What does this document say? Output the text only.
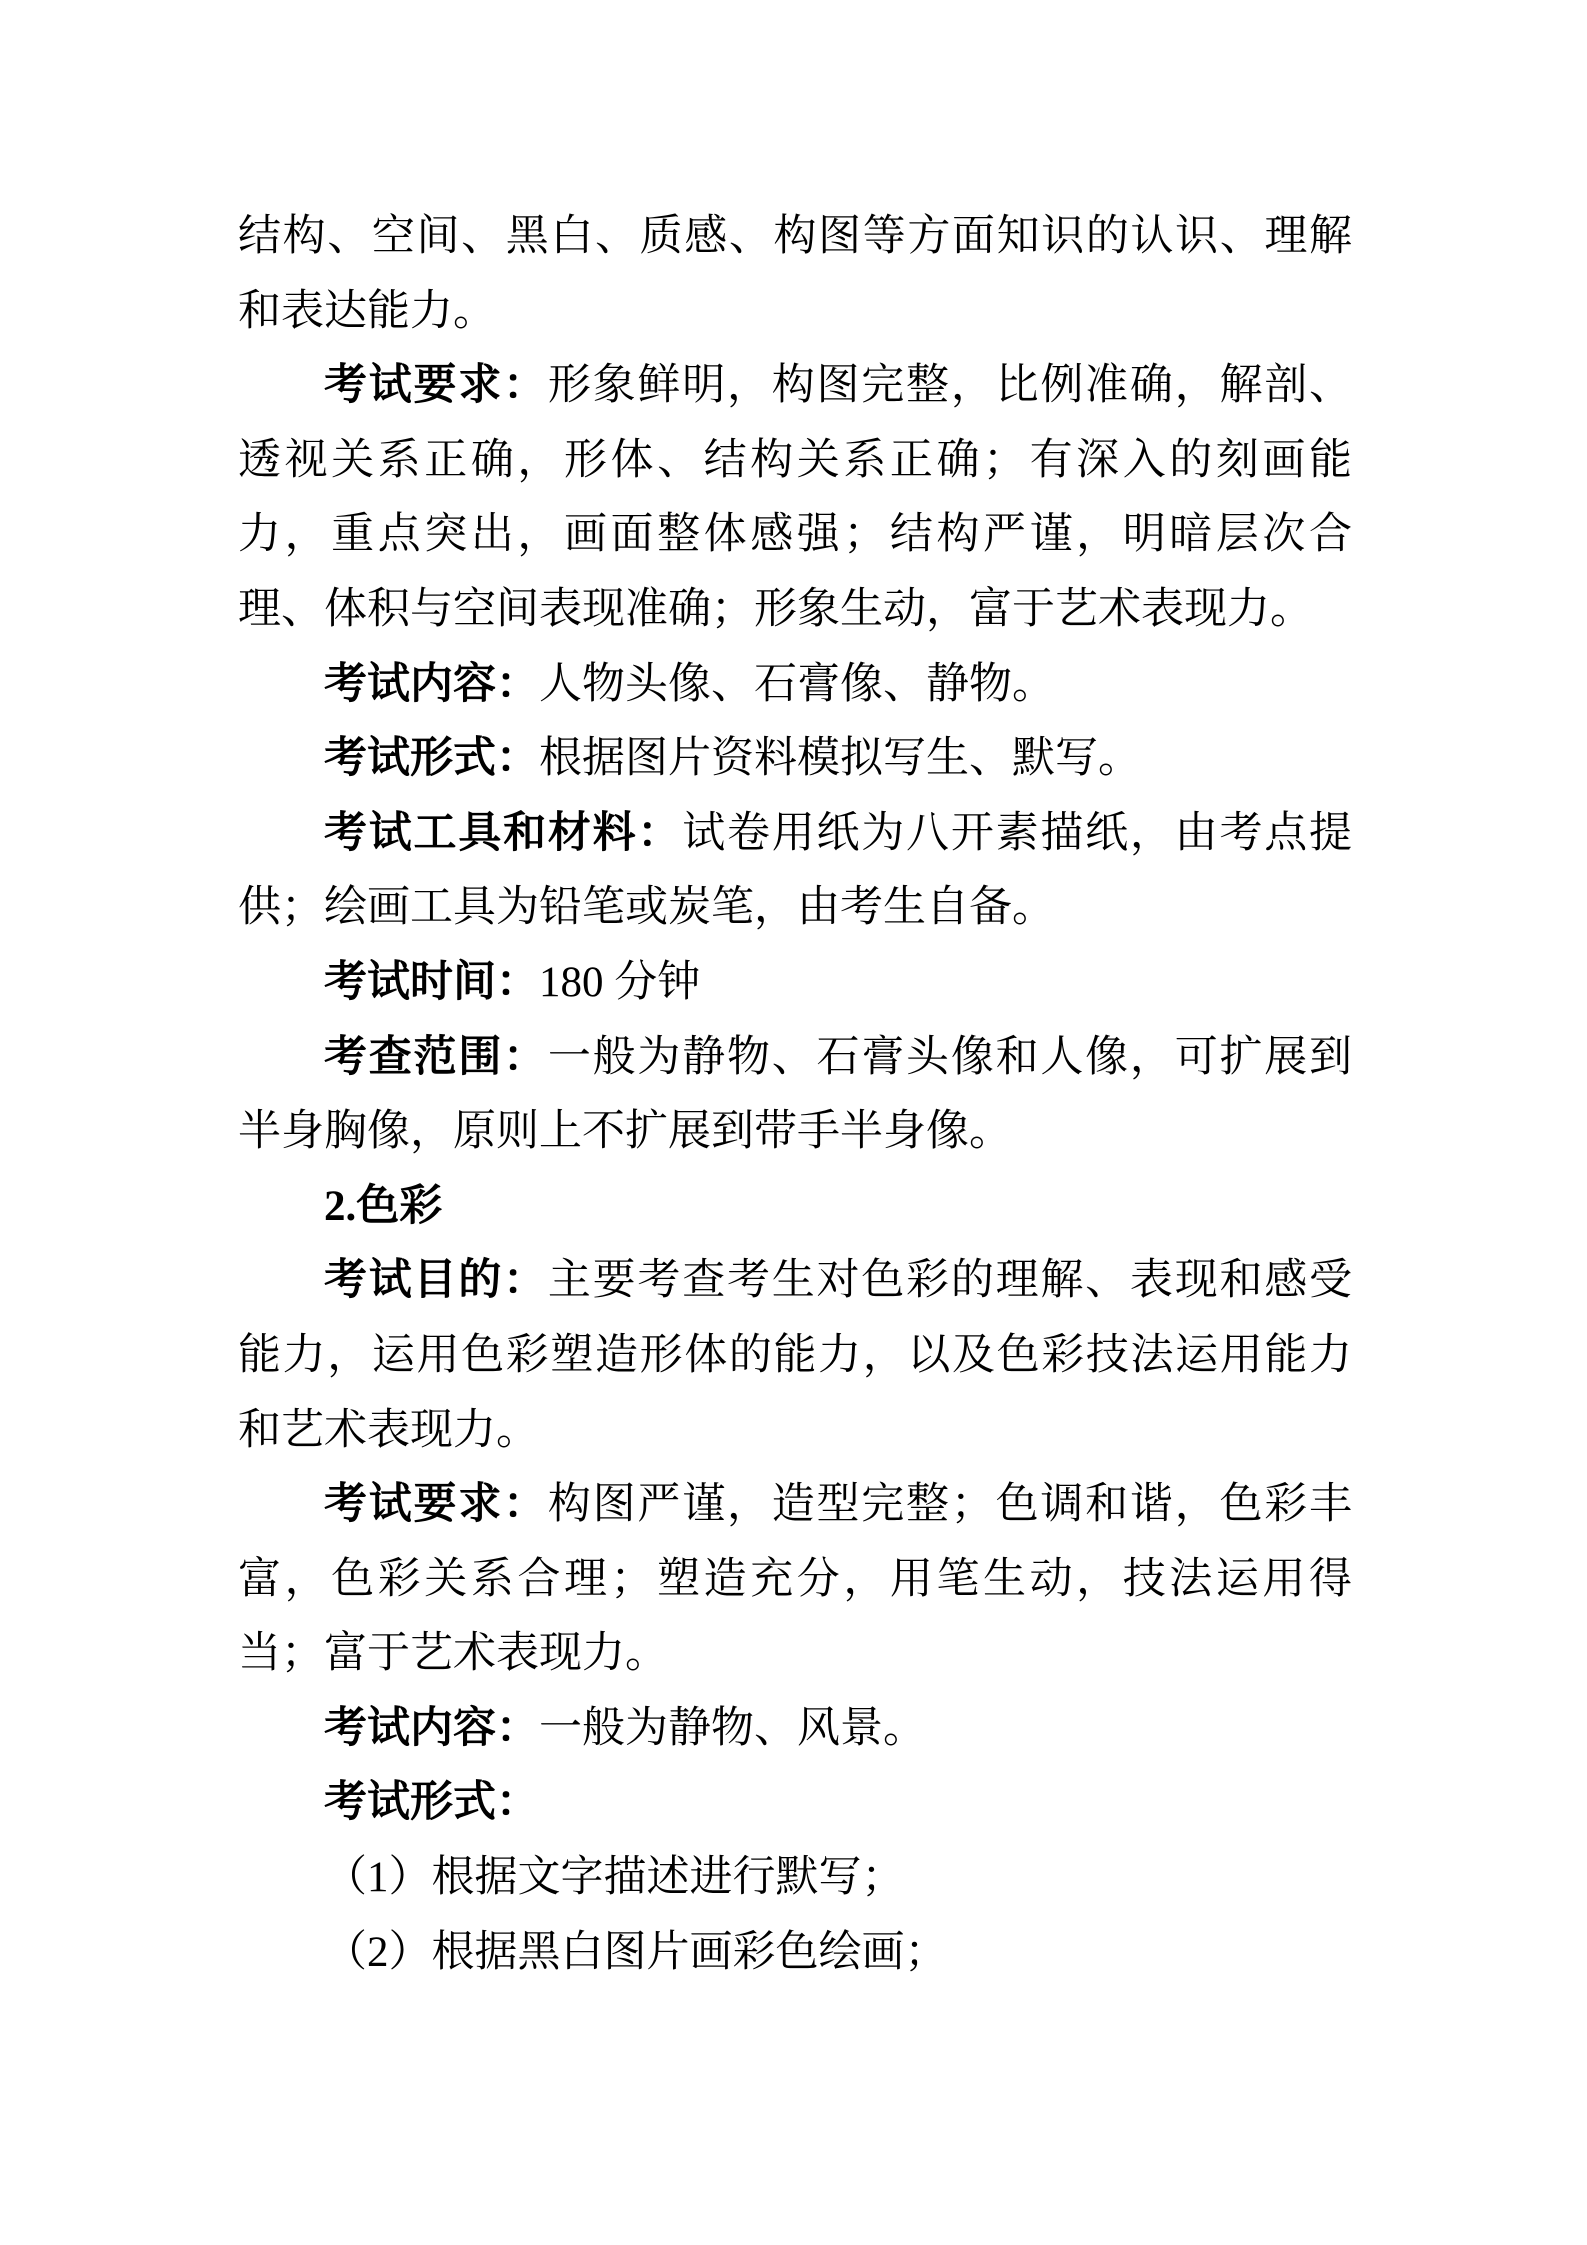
结构、空间、黑白、质感、构图等方面知识的认识、理解和表达能力。

考试要求：形象鲜明，构图完整，比例准确，解剖、透视关系正确，形体、结构关系正确；有深入的刻画能力，重点突出，画面整体感强；结构严谨，明暗层次合理、体积与空间表现准确；形象生动，富于艺术表现力。

考试内容：人物头像、石膏像、静物。

考试形式：根据图片资料模拟写生、默写。

考试工具和材料：试卷用纸为八开素描纸，由考点提供；绘画工具为铅笔或炭笔，由考生自备。

考试时间：180 分钟

考查范围：一般为静物、石膏头像和人像，可扩展到半身胸像，原则上不扩展到带手半身像。

2.色彩

考试目的：主要考查考生对色彩的理解、表现和感受能力，运用色彩塑造形体的能力，以及色彩技法运用能力和艺术表现力。

考试要求：构图严谨，造型完整；色调和谐，色彩丰富，色彩关系合理；塑造充分，用笔生动，技法运用得当；富于艺术表现力。

考试内容：一般为静物、风景。

考试形式：

（1）根据文字描述进行默写；

（2）根据黑白图片画彩色绘画；
